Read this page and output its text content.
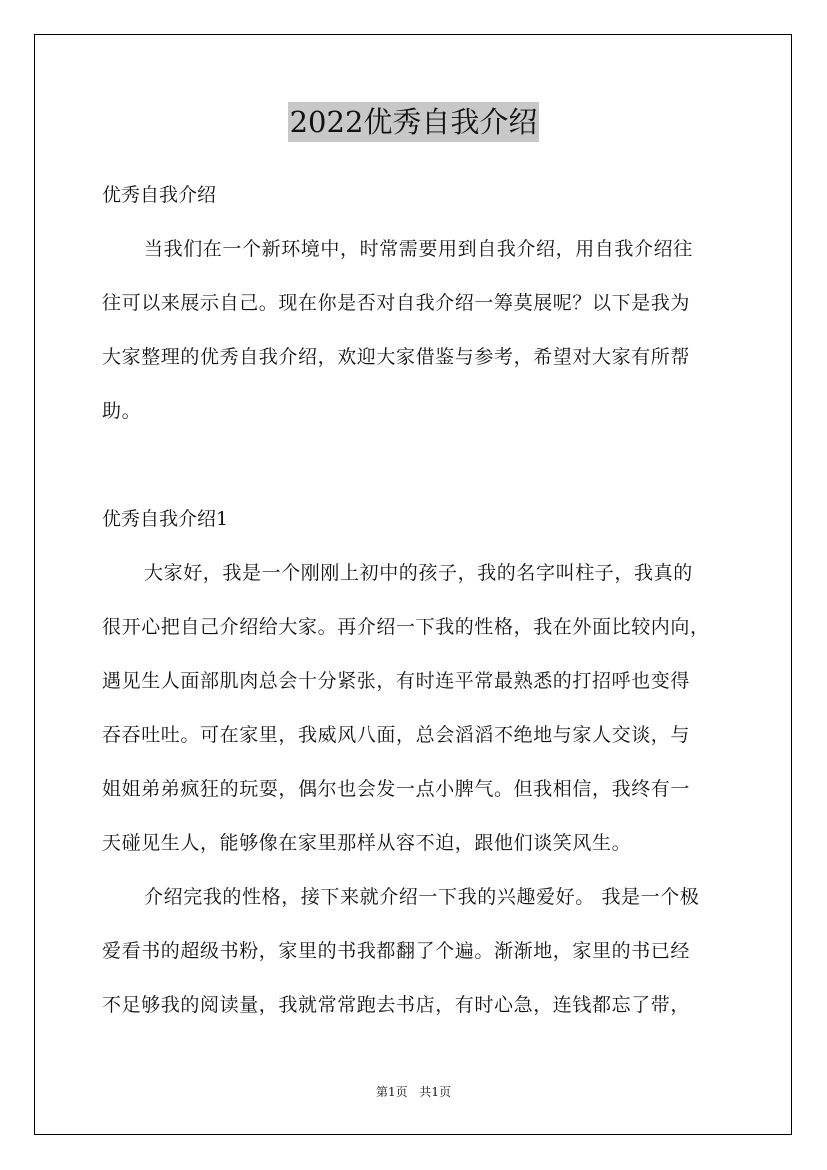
2022优秀自我介绍
优秀自我介绍
当我们在一个新环境中，时常需要用到自我介绍，用自我介绍往
往可以来展示自己。现在你是否对自我介绍一筹莫展呢？以下是我为
大家整理的优秀自我介绍，欢迎大家借鉴与参考，希望对大家有所帮
助。
优秀自我介绍1
大家好，我是一个刚刚上初中的孩子，我的名字叫柱子，我真的
很开心把自己介绍给大家。再介绍一下我的性格，我在外面比较内向，
遇见生人面部肌肉总会十分紧张，有时连平常最熟悉的打招呼也变得
吞吞吐吐。可在家里，我威风八面，总会滔滔不绝地与家人交谈，与
姐姐弟弟疯狂的玩耍，偶尔也会发一点小脾气。但我相信，我终有一
天碰见生人，能够像在家里那样从容不迫，跟他们谈笑风生。
介绍完我的性格，接下来就介绍一下我的兴趣爱好。 我是一个极
爱看书的超级书粉，家里的书我都翻了个遍。渐渐地，家里的书已经
不足够我的阅读量，我就常常跑去书店，有时心急，连钱都忘了带，
第1页 共1页
